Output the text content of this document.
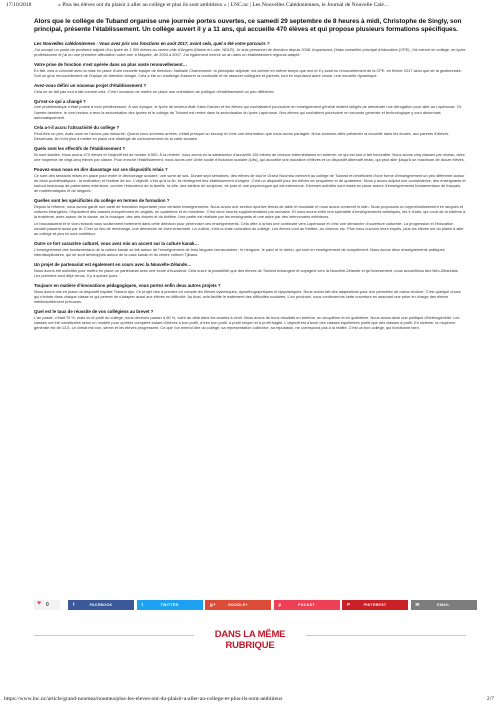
17/10/2018	« Plus les élèves ont du plaisir à aller au collège et plus ils sont ambitieux » | LNC.nc | Les Nouvelles Calédoniennes, le Journal de Nouvelle Calé…

Alors que le collège de Tuband organise une journée portes ouvertes, ce samedi 29 septembre de 8 heures à midi, Christophe de Singly, son principal, présente l'établissement. Un collège auvert il y a 11 ans, qui accueille 470 élèves et qui propose plusieurs formations spécifiques.

Les Nouvelles calédoniennes : Vous avez pris vos fonctions en août 2017, avant cela, quel a été votre parcours ?

J'ai occupé un poste de proviseur adjoint d'un lycée de 1 300 élèves au centre-ville d'Angers (Maine et Loire, NDLR). Je suis personnel de direction depuis 2008. Auparavant, j'étais conseiller principal d'éducation (CPE). J'ai exercé en collège, en lycée professionnel et j'ai eu une première affectation outre-mer à Mayotte, de 2003 à 2007. J'ai également exercé un an dans un établissement régional adapté.

Votre prise de fonction s'est opérée dans un plus vaste renouvellement…

En fait, cela a coïncidé avec la mise en place d'une nouvelle équipe de direction. Nathalie Chambonnet, la principale adjointe, est arrivée en même temps que moi et il y avait eu renouvellement de la CPE, en février 2017 ainsi que de la gestionnaire. Soit un gros renouvellement de l'équipe de direction élargie. Cela a été un challenge d'assurer la continuité et de rassurer collègues et parents, tout en impulsant autre chose, une nouvelle dynamique.

Avez-vous défini un nouveau projet d'établissement ?

Cela ne se fait pas tout à fait comme cela. C'est l'occasion de mettre en place une orientation de politique d'établissement un peu différente.

Qu'est-ce qui a changé ?

Une problématique n'était posée à mon prédécesseur. À son époque, le lycée de secteur était Jules-Garnier et les élèves qui souhaitaient poursuivre en enseignement général étaient obligés de demander une dérogation pour aller au Lapérouse. Or, l'année dernière, le vice-recteur a revu la sectorisation des lycées et le collège de Tuband est rentré dans la sectorisation du lycée Lapérouse. Nos élèves qui souhaitent poursuivre en seconde générale et technologique y vont désormais automatiquement.

Cela a-t-il accru l'attractivité du collège ?

Peut-être un peu, mais nous ne l'avons pas mesurée. Quand nous sommes arrivés, c'était presque un secoup et c'est une information que nous avons partagée. Nous sommes allés présenter la nouvelle dans les écoles, aux parents d'élèves. Désormais, ils n'ont plus à mettre en place une stratégie de contournement de la carte scolaire.

Quels sont les effectifs de l'établissement ?

Ils sont stables. Nous avons 470 élèves et l'objectif est de monter à 500. À la rentrée, nous avons eu la satisfaction d'accueillir 128 élèves de niveaux intermédiaires en sixième, ce qui est tout à fait honorable. Nous avons cinq classes par niveau, avec une moyenne de vingt-cinq élèves par classe. Pour enrichir l'établissement, nous avons une Unité locale d'inclusion scolaire (Ulis), qui accueille une douzaine d'élèves et un dispositif alternatif relais, qui peut aller jusqu'à un maximum de douze élèves.

Pouvez-vous nous en dire davantage sur ces dispositifs relais ?

Ce sont des sessions mises en place pour éviter le décrochage scolaire, une sorte de sas. Durant sept semaines, des élèves de tout le Grand Nouméa viennent au collège de Tuband et bénéficient d'une forme d'enseignement un peu différente autour de deux problématiques : la motivation et l'estime de soi. L'objectif, c'est qu'à la fin, ils réintègrent leur établissement d'origine. C'est un dispositif pour les élèves de cinquième et de quatrième. Nous y avons adjoint une coordinatrice, des enseignants et surtout beaucoup de partenaires extérieurs, comme l'éducateur de la famille, la ville, des ateliers de sculpture, de judo et une psychologue qui est intervenue. Diverses activités sont mises en place autour d'enseignements fondamentaux de français, de mathématiques et de langues.

Quelles sont les spécificités du collège en termes de formation ?

Depuis la réforme, nous avons gardé une carte de formation importante pour certains enseignements. Nous avons une section sportive tennis de table et escalade et nous avons conservé le latin. Nous proposons un approfondissement en langues et cultures étrangères, l'équivalent des classes européennes en anglais, en quatrième et en troisième. C'est deux heures supplémentaires par semaine. Et nous avons enfin une spécialité d'enseignements artistiques, les 4 d'arts, qui court de la sixième à la troisième, axée autour de la danse, de la musique, des arts visuels et du théâtre. Une partie est réalisée par les enseignants et une autre par des intervenants extérieurs.

Le baccalauréat et le vice-rectorat nous soutiennent fortement dans cette direction pour pérenniser ces enseignements. Cela offre à la fois une continuité vers Lapérouse et c'est une démarche d'ouverture culturelle. La progression et l'éducation sociale passent aussi par là. C'est un lieu de rééchange, une démarche de vivre-ensemble. La culture, c'est la vraie coloration du collège. Les élèves vont au théâtre, au cinéma, etc. Plus nous ouvrons leurs esprits, plus les élèves ont du plaisir à aller au collège et plus ils sont ambitieux.

Outre ce fort caractère culturel, vous avez mis un accent sur la culture kanak…

L'enseignement des fondamentaux de la culture kanak se fait autour de l'enseignement de trois langues vernaculaires : le nengone, le paicî et le drehu, qui sont en enseignement de complément. Nous avons deux enseignements pratiques interdisciplinaires, qui se sont développés autour de la case kanak et du centre culturel Tjibaou.

Un projet de partenariat est également en cours avec la Nouvelle-Zélande…

Nous avons été sollicités pour mettre en place un partenariat avec une école d'Auckland. Cela ouvre la possibilité que des élèves de Tuband échangent et voyagent vers la Nouvelle-Zélande et qu'inversement, nous accueillions des Néo-Zélandais. Les premiers sont déjà venus. Il y a quinze jours.

Toujours en matière d'innovations pédagogiques, vous portez enfin deux autres projets ?

Nous avons mis en place un dispositif baptisé Tuband dys. Ce projet vise à prendre en compte les élèves dyslexiques, dysorthographiques et dyspraxiques. Nous avons fait des adaptations pour leur permettre de mieux évoluer. C'est quelque chose qui n'existe dans chaque classe et qui permet de s'adapter aussi aux élèves en difficulté. Au final, cela facilite le traitement des difficultés scolaires. L'an prochain, nous continuerons cette ouverture en assurant une prise en charge des élèves intellectuellement précoces.

Quel est le taux de réussite de vos collégiens au brevet ?

L'an passé, c'était 75 %, mais vu le profil du collège, nous devrions passer à 80 %, voire au-delà dans les années à venir. Nous avons de bons résultats en sixième, en cinquième et en quatrième. Nous avons ainsi une politique d'hétérogénéité. Les classes ont été constituées selon un modèle pour qu'elles comptent autant d'élèves à bon profil, à très bon profil, à profil moyen et à profil fragile. L'objectif est d'avoir des classes équilibrées plutôt que des classes à profil. En sixième, la moyenne générale est de 13,5. Le climat est bon, serein et les élèves progressent. Ce que l'on entend dire du collège, sa représentation collective, sa réputation, ne correspond pas à la réalité. C'est un bon collège, qui fonctionne bien.

♥ 0	f	FACEBOOK	t	TWITTER	g+	GOOGLE+	p	POCKET	P	PINTEREST	✉	EMAIL
DANS LA MÊME RUBRIQUE
https://www.lnc.nc/article/grand-noumea/noumea/plus-les-eleves-ont-du-plaisir-a-aller-au-college-et-plus-ils-sont-ambitieux	2/7
